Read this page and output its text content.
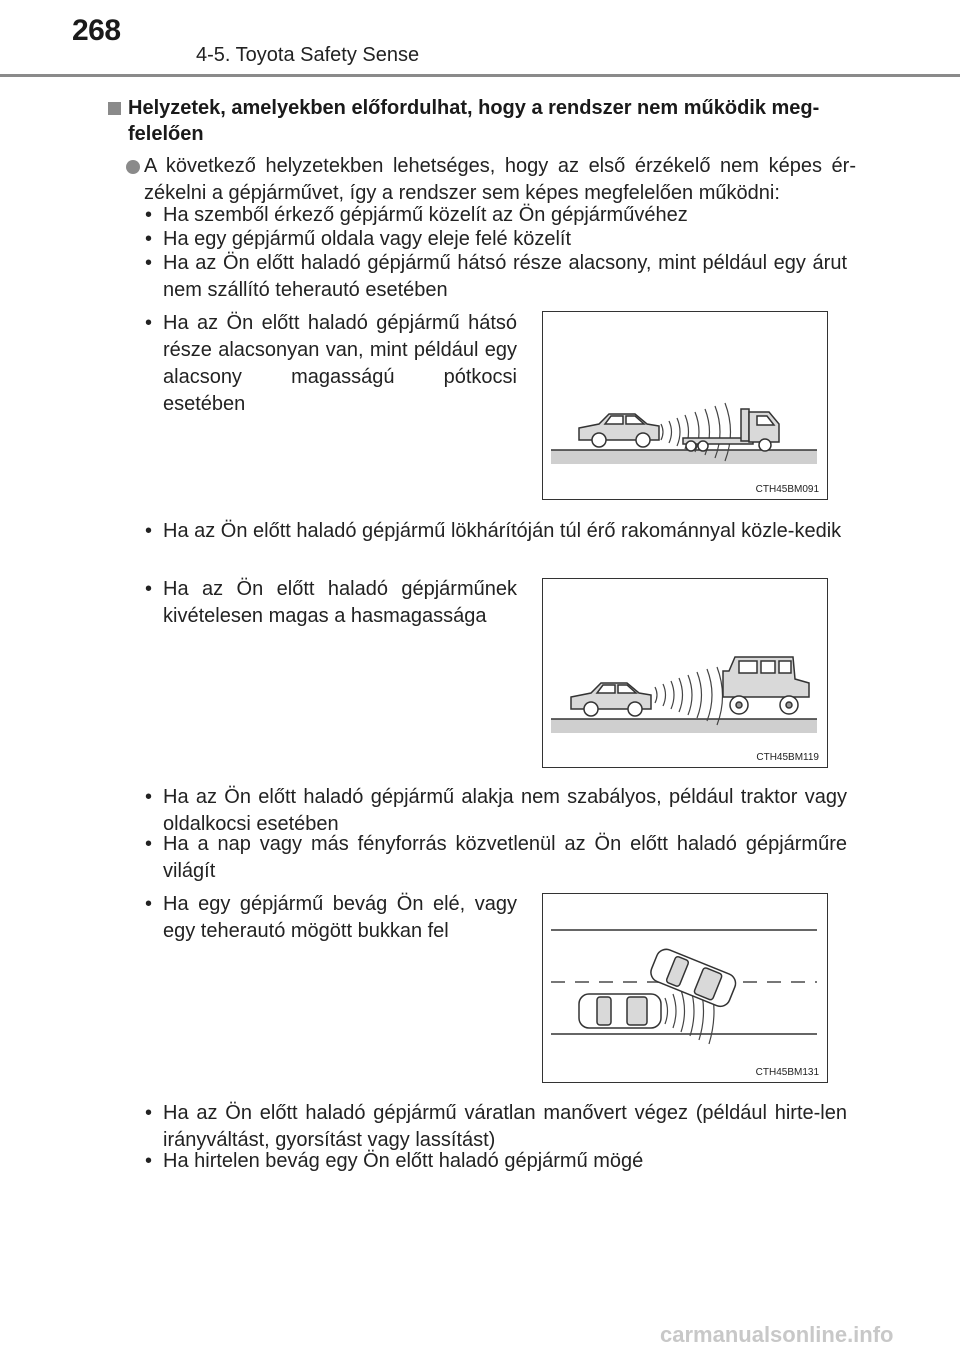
268
4-5. Toyota Safety Sense
Helyzetek, amelyekben előfordulhat, hogy a rendszer nem működik meg-
felelően
A következő helyzetekben lehetséges, hogy az első érzékelő nem képes ér-zékelni a gépjárművet, így a rendszer sem képes megfelelően működni:
• Ha szemből érkező gépjármű közelít az Ön gépjárművéhez
• Ha egy gépjármű oldala vagy eleje felé közelít
• Ha az Ön előtt haladó gépjármű hátsó része alacsony, mint például egy árut nem szállító teherautó esetében
• Ha az Ön előtt haladó gépjármű hátsó része alacsonyan van, mint például egy alacsony magasságú pótkocsi esetében
CTH45BM091
• Ha az Ön előtt haladó gépjármű lökhárítóján túl érő rakománnyal közle-kedik
• Ha az Ön előtt haladó gépjárműnek kivételesen magas a hasmagassága
CTH45BM119
• Ha az Ön előtt haladó gépjármű alakja nem szabályos, például traktor vagy oldalkocsi esetében
• Ha a nap vagy más fényforrás közvetlenül az Ön előtt haladó gépjárműre világít
• Ha egy gépjármű bevág Ön elé, vagy egy teherautó mögött bukkan fel
CTH45BM131
• Ha az Ön előtt haladó gépjármű váratlan manővert végez (például hirte-len irányváltást, gyorsítást vagy lassítást)
• Ha hirtelen bevág egy Ön előtt haladó gépjármű mögé
carmanualsonline.info
